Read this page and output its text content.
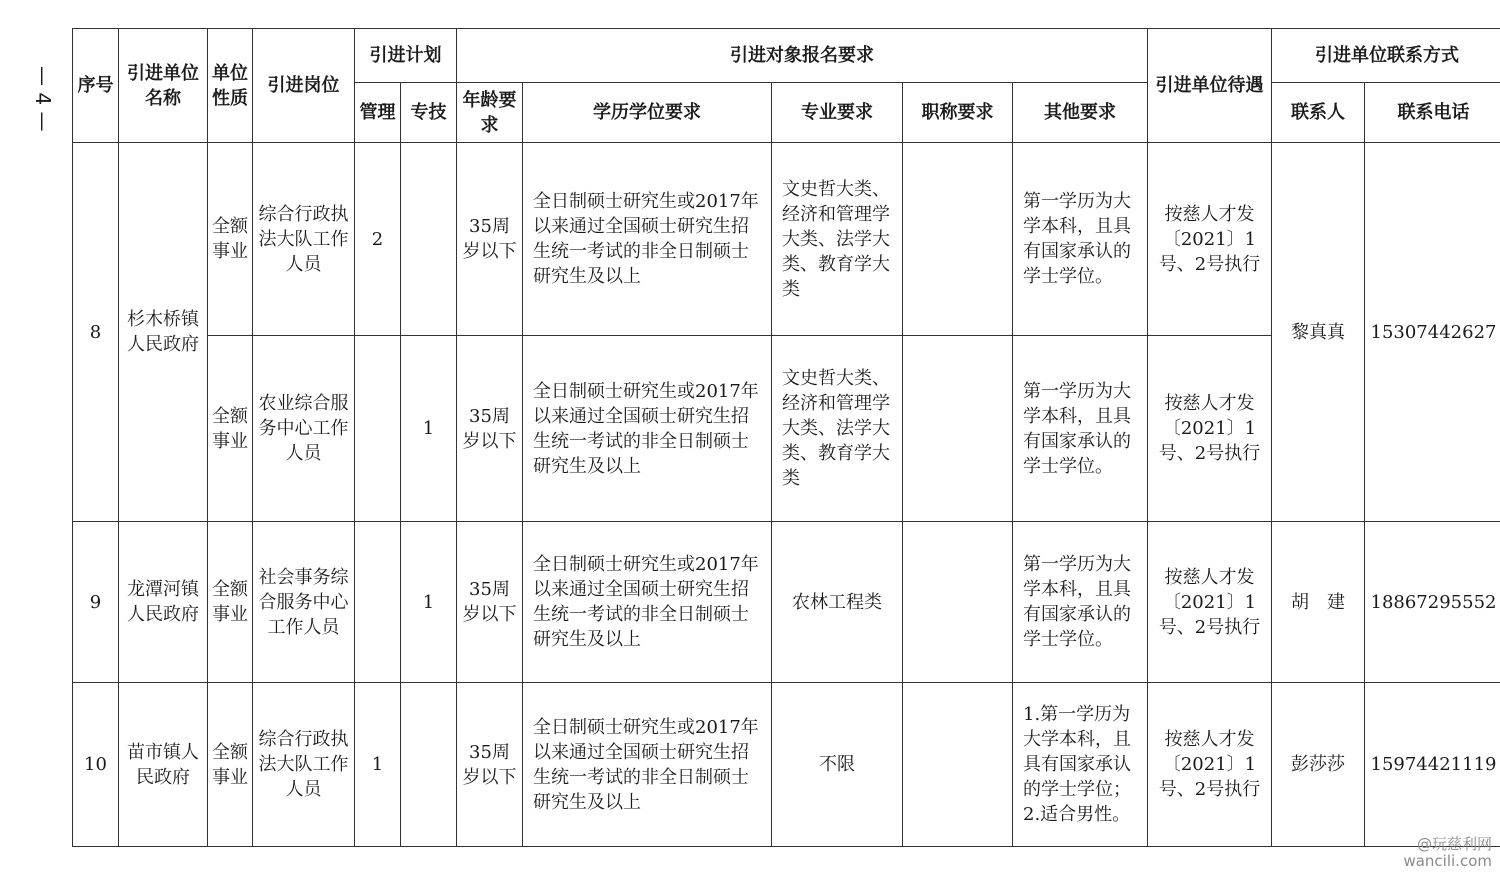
— 4 — 序号	引进单位名称	单位性质	引进岗位	引进计划		引进对象报名要求					引进单位待遇	引进单位联系方式	
				管理	专技	年龄要求	学历学位要求	专业要求	职称要求	其他要求		联系人	联系电话
8	杉木桥镇人民政府	全额事业	综合行政执法大队工作人员	2		35周岁以下	全日制硕士研究生或2017年以来通过全国硕士研究生招生统一考试的非全日制硕士研究生及以上	文史哲大类、经济和管理学大类、法学大类、教育学大类		第一学历为大学本科，且具有国家承认的学士学位。	按慈人才发〔2021〕1号、2号执行	黎真真	15307442627
		全额事业	农业综合服务中心工作人员		1	35周岁以下	全日制硕士研究生或2017年以来通过全国硕士研究生招生统一考试的非全日制硕士研究生及以上	文史哲大类、经济和管理学大类、法学大类、教育学大类		第一学历为大学本科，且具有国家承认的学士学位。	按慈人才发〔2021〕1号、2号执行		
9	龙潭河镇人民政府	全额事业	社会事务综合服务中心工作人员		1	35周岁以下	全日制硕士研究生或2017年以来通过全国硕士研究生招生统一考试的非全日制硕士研究生及以上	农林工程类		第一学历为大学本科，且具有国家承认的学士学位。	按慈人才发〔2021〕1号、2号执行	胡　建	18867295552
10	苗市镇人民政府	全额事业	综合行政执法大队工作人员	1		35周岁以下	全日制硕士研究生或2017年以来通过全国硕士研究生招生统一考试的非全日制硕士研究生及以上	不限		1.第一学历为大学本科，且具有国家承认的学士学位；2.适合男性。	按慈人才发〔2021〕1号、2号执行	彭莎莎	15974421119
@玩慈利网
wancili.com
